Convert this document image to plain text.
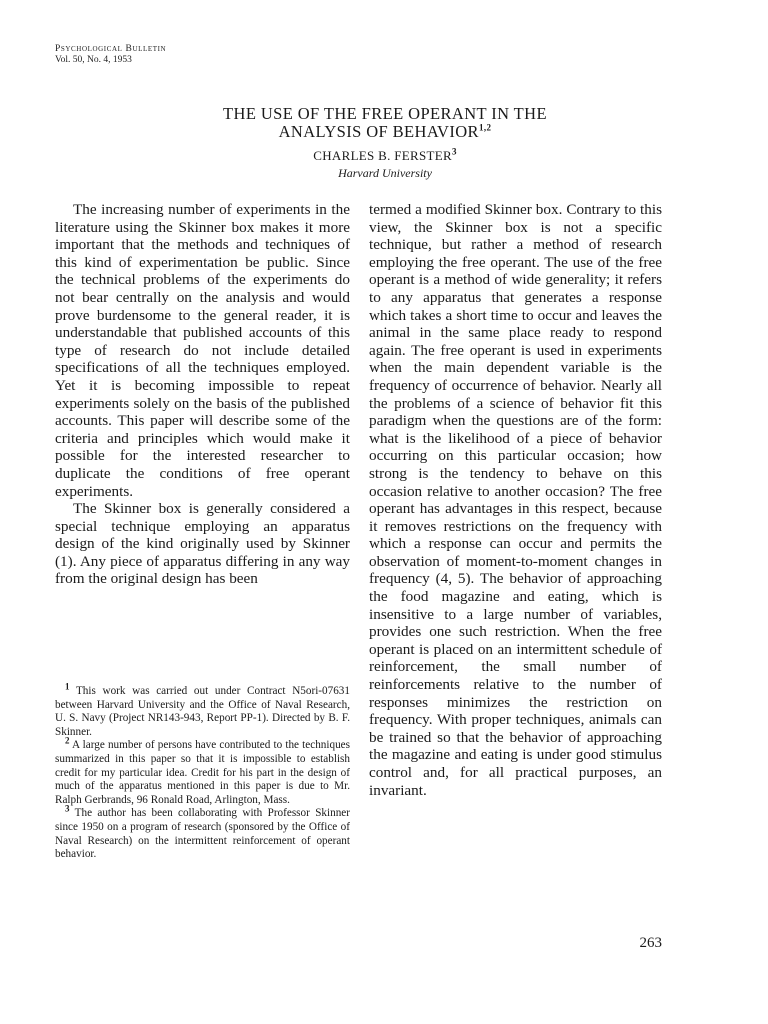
Psychological Bulletin
Vol. 50, No. 4, 1953
THE USE OF THE FREE OPERANT IN THE
ANALYSIS OF BEHAVIOR$^{1,2}$
CHARLES B. FERSTER$^3$
Harvard University

The increasing number of experiments in the literature using the Skinner box makes it more important that the methods and techniques of this kind of experimentation be public. Since the technical problems of the experiments do not bear centrally on the analysis and would prove burdensome to the general reader, it is understandable that published accounts of this type of research do not include detailed specifications of all the techniques employed. Yet it is becoming impossible to repeat experiments solely on the basis of the published accounts. This paper will describe some of the criteria and principles which would make it possible for the interested researcher to duplicate the conditions of free operant experiments.

The Skinner box is generally considered a special technique employing an apparatus design of the kind originally used by Skinner (1). Any piece of apparatus differing in any way from the original design has been

$^1$ This work was carried out under Contract N5ori-07631 between Harvard University and the Office of Naval Research, U. S. Navy (Project NR143-943, Report PP-1). Directed by B. F. Skinner.

$^2$ A large number of persons have contributed to the techniques summarized in this paper so that it is impossible to establish credit for my particular idea. Credit for his part in the design of much of the apparatus mentioned in this paper is due to Mr. Ralph Gerbrands, 96 Ronald Road, Arlington, Mass.

$^3$ The author has been collaborating with Professor Skinner since 1950 on a program of research (sponsored by the Office of Naval Research) on the intermittent reinforcement of operant behavior.

termed a modified Skinner box. Contrary to this view, the Skinner box is not a specific technique, but rather a method of research employing the free operant. The use of the free operant is a method of wide generality; it refers to any apparatus that generates a response which takes a short time to occur and leaves the animal in the same place ready to respond again. The free operant is used in experiments when the main dependent variable is the frequency of occurrence of behavior. Nearly all the problems of a science of behavior fit this paradigm when the questions are of the form: what is the likelihood of a piece of behavior occurring on this particular occasion; how strong is the tendency to behave on this occasion relative to another occasion? The free operant has advantages in this respect, because it removes restrictions on the frequency with which a response can occur and permits the observation of moment-to-moment changes in frequency (4, 5). The behavior of approaching the food magazine and eating, which is insensitive to a large number of variables, provides one such restriction. When the free operant is placed on an intermittent schedule of reinforcement, the small number of reinforcements relative to the number of responses minimizes the restriction on frequency. With proper techniques, animals can be trained so that the behavior of approaching the magazine and eating is under good stimulus control and, for all practical purposes, an invariant.

263
